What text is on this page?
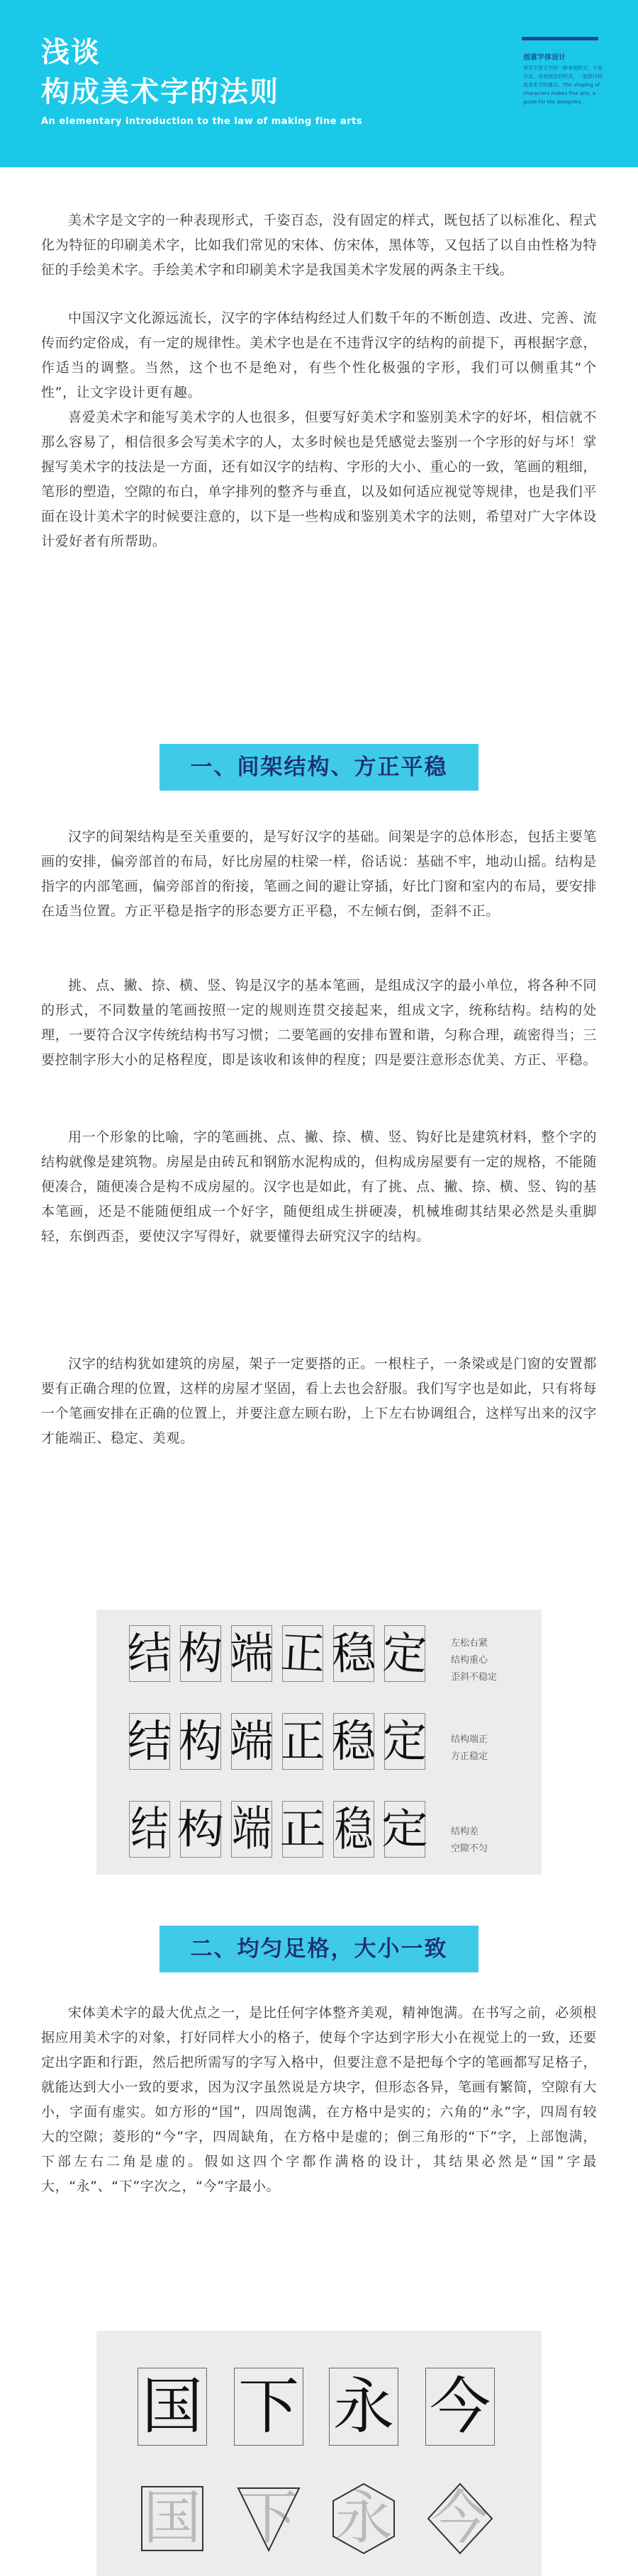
浅谈
构成美术字的法则
An elementary introduction to the law of making fine arts
创意字体设计
美术字是文字的一种表现形式，千姿百态，没有固定的样式，一起探讨构成美术字的要点。The shaping of characters makes fine arts, a guide for the designers.

美术字是文字的一种表现形式，千姿百态，没有固定的样式，既包括了以标准化、程式化为特征的印刷美术字，比如我们常见的宋体、仿宋体，黑体等，又包括了以自由性格为特征的手绘美术字。手绘美术字和印刷美术字是我国美术字发展的两条主干线。

中国汉字文化源远流长，汉字的字体结构经过人们数千年的不断创造、改进、完善、流传而约定俗成，有一定的规律性。美术字也是在不违背汉字的结构的前提下，再根据字意，作适当的调整。当然，这个也不是绝对，有些个性化极强的字形，我们可以侧重其“个性”，让文字设计更有趣。

喜爱美术字和能写美术字的人也很多，但要写好美术字和鉴别美术字的好坏，相信就不那么容易了，相信很多会写美术字的人，太多时候也是凭感觉去鉴别一个字形的好与坏！掌握写美术字的技法是一方面，还有如汉字的结构、字形的大小、重心的一致，笔画的粗细，笔形的塑造，空隙的布白，单字排列的整齐与垂直，以及如何适应视觉等规律，也是我们平面在设计美术字的时候要注意的，以下是一些构成和鉴别美术字的法则，希望对广大字体设计爱好者有所帮助。

一、间架结构、方正平稳

汉字的间架结构是至关重要的，是写好汉字的基础。间架是字的总体形态，包括主要笔画的安排，偏旁部首的布局，好比房屋的柱梁一样，俗话说：基础不牢，地动山摇。结构是指字的内部笔画，偏旁部首的衔接，笔画之间的避让穿插，好比门窗和室内的布局，要安排在适当位置。方正平稳是指字的形态要方正平稳，不左倾右倒，歪斜不正。

挑、点、撇、捺、横、竖、钩是汉字的基本笔画，是组成汉字的最小单位，将各种不同的形式，不同数量的笔画按照一定的规则连贯交接起来，组成文字，统称结构。结构的处理，一要符合汉字传统结构书写习惯；二要笔画的安排布置和谐，匀称合理，疏密得当；三要控制字形大小的足格程度，即是该收和该伸的程度；四是要注意形态优美、方正、平稳。

用一个形象的比喻，字的笔画挑、点、撇、捺、横、竖、钩好比是建筑材料，整个字的结构就像是建筑物。房屋是由砖瓦和钢筋水泥构成的，但构成房屋要有一定的规格，不能随便凑合，随便凑合是构不成房屋的。汉字也是如此，有了挑、点、撇、捺、横、竖、钩的基本笔画，还是不能随便组成一个好字，随便组成生拼硬凑，机械堆砌其结果必然是头重脚轻，东倒西歪，要使汉字写得好，就要懂得去研究汉字的结构。

汉字的结构犹如建筑的房屋，架子一定要搭的正。一根柱子，一条梁或是门窗的安置都要有正确合理的位置，这样的房屋才坚固，看上去也会舒服。我们写字也是如此，只有将每一个笔画安排在正确的位置上，并要注意左顾右盼，上下左右协调组合，这样写出来的汉字才能端正、稳定、美观。

结 构 端 正 稳 定 左松右紧
结构重心
歪斜不稳定
结 构 端 正 稳 定	结构端正
方正稳定
结 构 端 正 稳 定 结构差
空隙不匀
二、均匀足格，大小一致

宋体美术字的最大优点之一，是比任何字体整齐美观，精神饱满。在书写之前，必须根据应用美术字的对象，打好同样大小的格子，使每个字达到字形大小在视觉上的一致，还要定出字距和行距，然后把所需写的字写入格中，但要注意不是把每个字的笔画都写足格子，就能达到大小一致的要求，因为汉字虽然说是方块字，但形态各异，笔画有繁简，空隙有大小，字面有虚实。如方形的“国”，四周饱满，在方格中是实的；六角的“永”字，四周有较大的空隙；菱形的“今”字，四周缺角，在方格中是虚的；倒三角形的“下”字，上部饱满，下部左右二角是虚的。假如这四个字都作满格的设计，其结果必然是“国”字最大，“永”、“下”字次之，“今”字最小。

国 下 永 今
国 下 永 今
